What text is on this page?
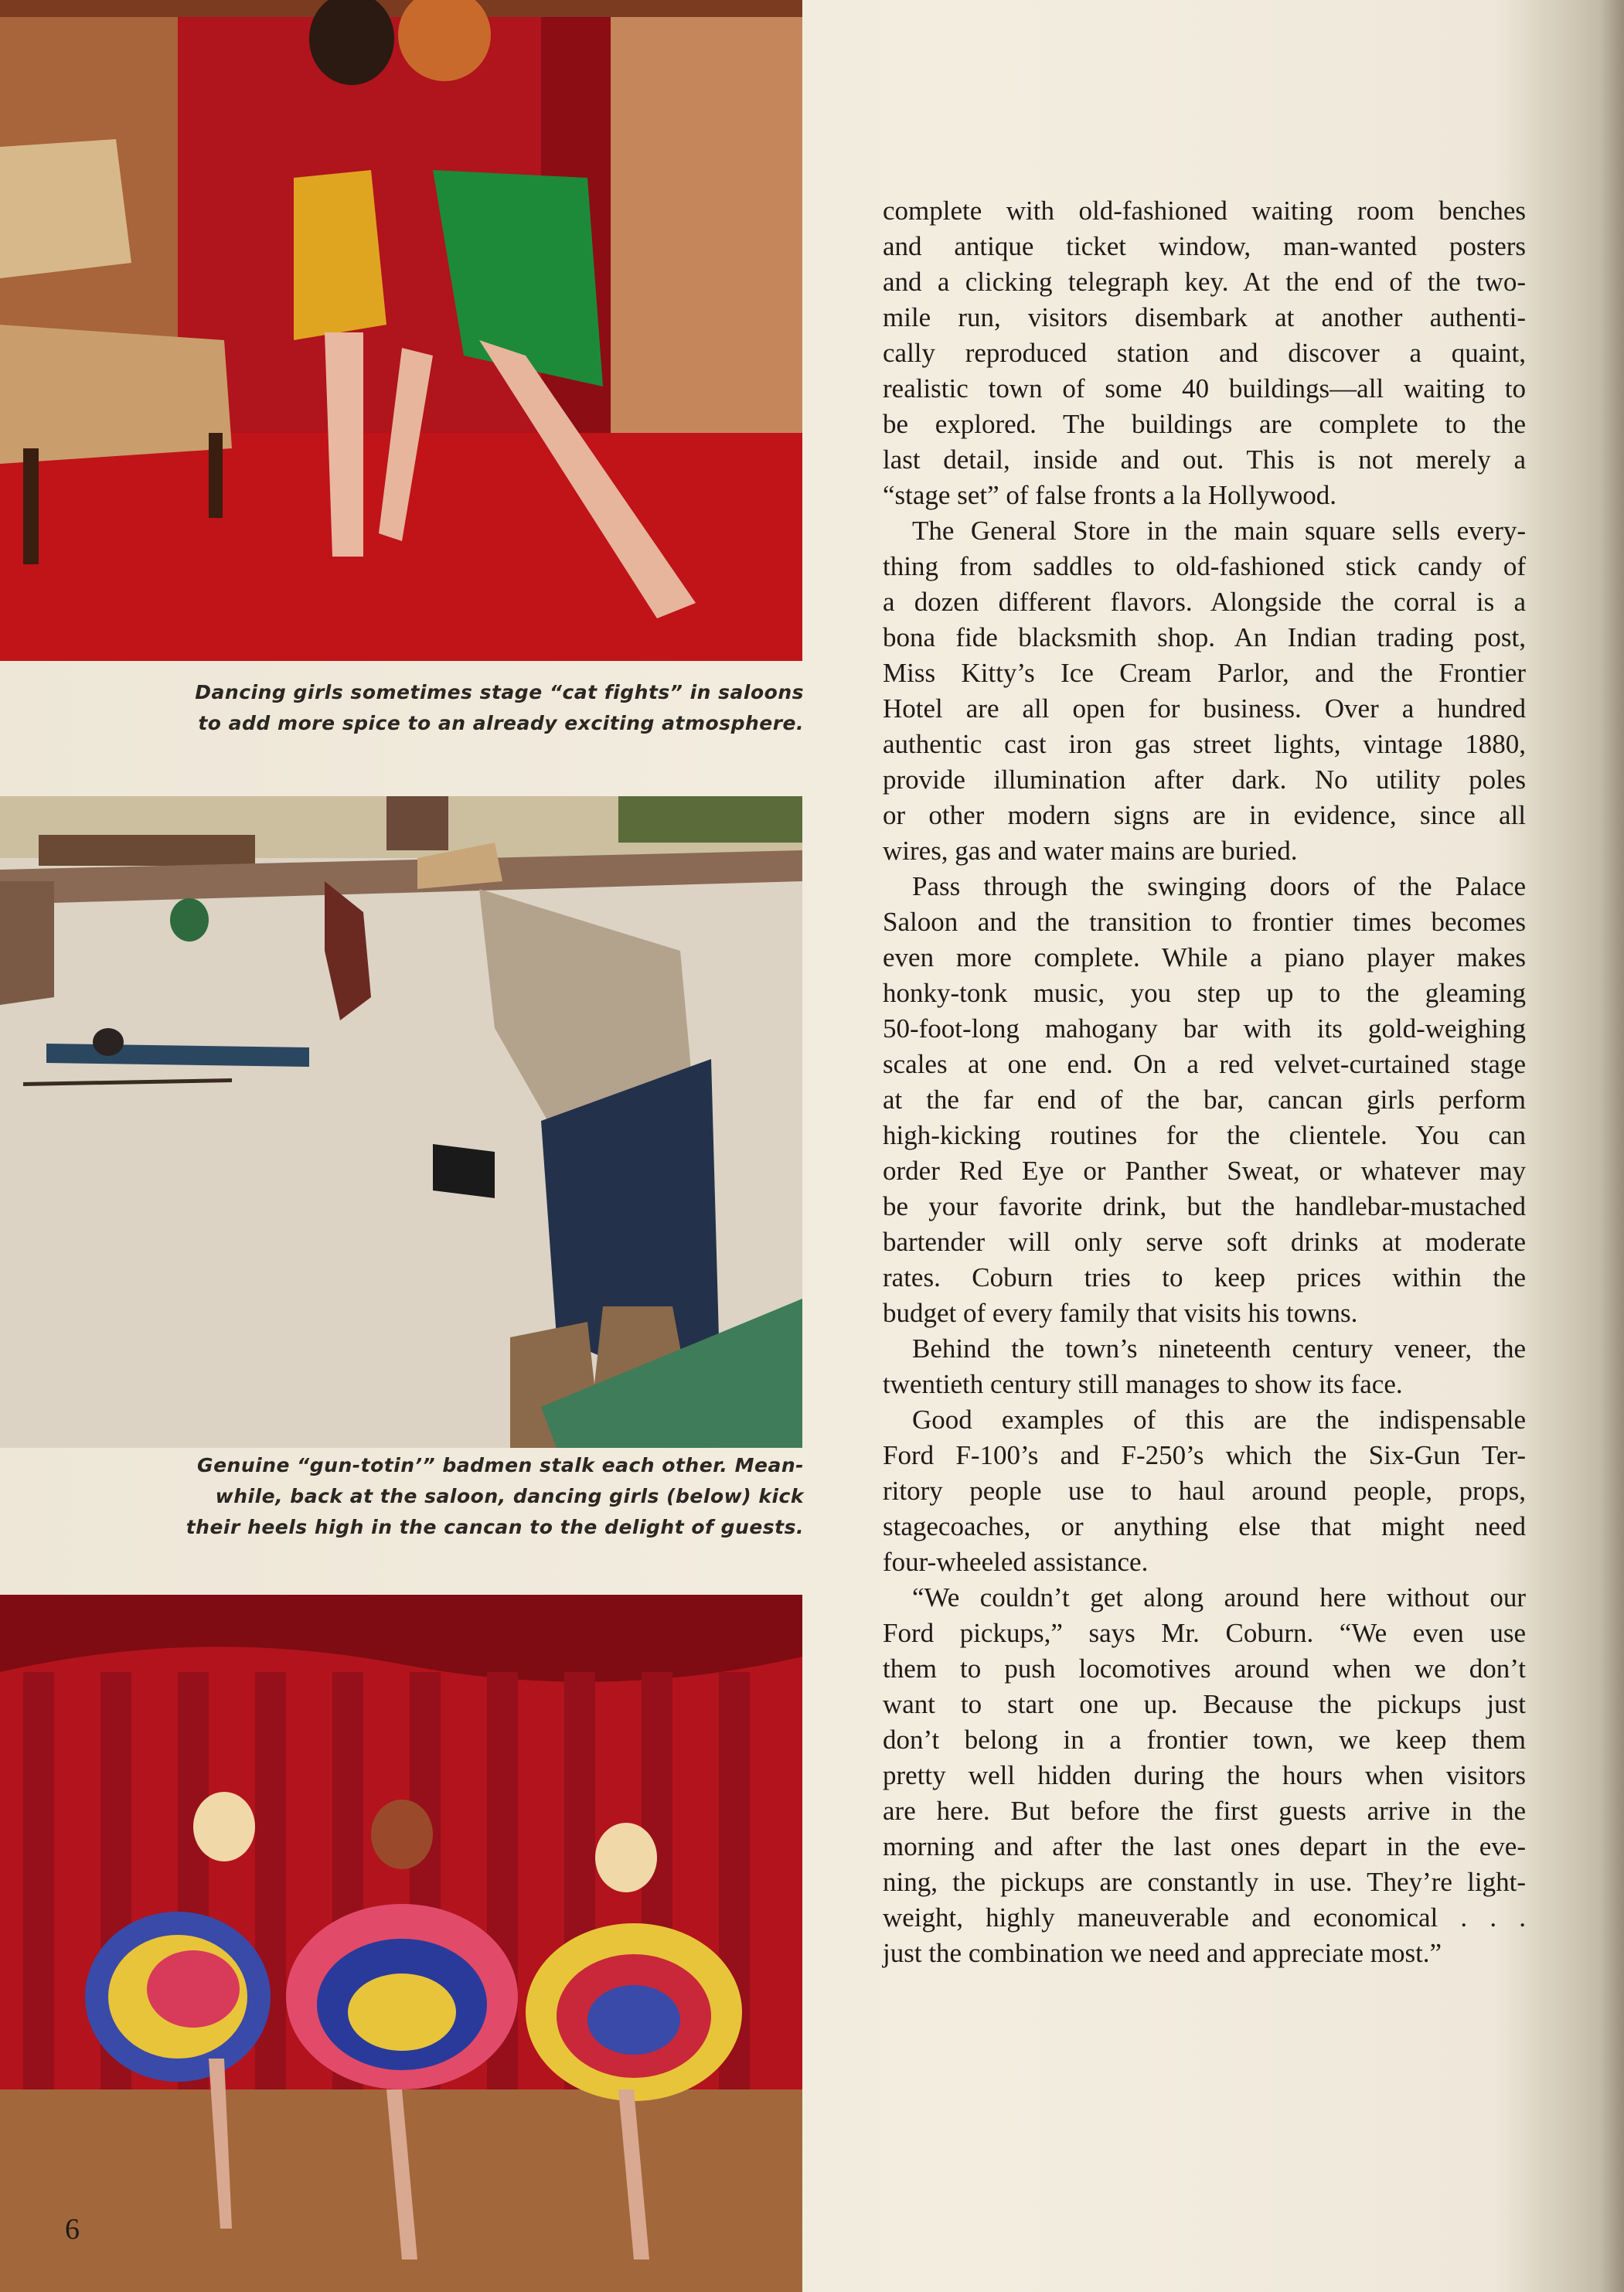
Dancing girls sometimes stage “cat fights” in saloons
to add more spice to an already exciting atmosphere.
Genuine “gun-totin’” badmen stalk each other. Mean-
while, back at the saloon, dancing girls (below) kick
their heels high in the cancan to the delight of guests.
complete with old-fashioned waiting room benches
and antique ticket window, man-wanted posters
and a clicking telegraph key. At the end of the two-
mile run, visitors disembark at another authenti-
cally reproduced station and discover a quaint,
realistic town of some 40 buildings—all waiting to
be explored. The buildings are complete to the
last detail, inside and out. This is not merely a
“stage set” of false fronts a la Hollywood.
The General Store in the main square sells every-
thing from saddles to old-fashioned stick candy of
a dozen different flavors. Alongside the corral is a
bona fide blacksmith shop. An Indian trading post,
Miss Kitty’s Ice Cream Parlor, and the Frontier
Hotel are all open for business. Over a hundred
authentic cast iron gas street lights, vintage 1880,
provide illumination after dark. No utility poles
or other modern signs are in evidence, since all
wires, gas and water mains are buried.
Pass through the swinging doors of the Palace
Saloon and the transition to frontier times becomes
even more complete. While a piano player makes
honky-tonk music, you step up to the gleaming
50-foot-long mahogany bar with its gold-weighing
scales at one end. On a red velvet-curtained stage
at the far end of the bar, cancan girls perform
high-kicking routines for the clientele. You can
order Red Eye or Panther Sweat, or whatever may
be your favorite drink, but the handlebar-mustached
bartender will only serve soft drinks at moderate
rates. Coburn tries to keep prices within the
budget of every family that visits his towns.
Behind the town’s nineteenth century veneer, the
twentieth century still manages to show its face.
Good examples of this are the indispensable
Ford F-100’s and F-250’s which the Six-Gun Ter-
ritory people use to haul around people, props,
stagecoaches, or anything else that might need
four-wheeled assistance.
“We couldn’t get along around here without our
Ford pickups,” says Mr. Coburn. “We even use
them to push locomotives around when we don’t
want to start one up. Because the pickups just
don’t belong in a frontier town, we keep them
pretty well hidden during the hours when visitors
are here. But before the first guests arrive in the
morning and after the last ones depart in the eve-
ning, the pickups are constantly in use. They’re light-
weight, highly maneuverable and economical . . .
just the combination we need and appreciate most.”
6
